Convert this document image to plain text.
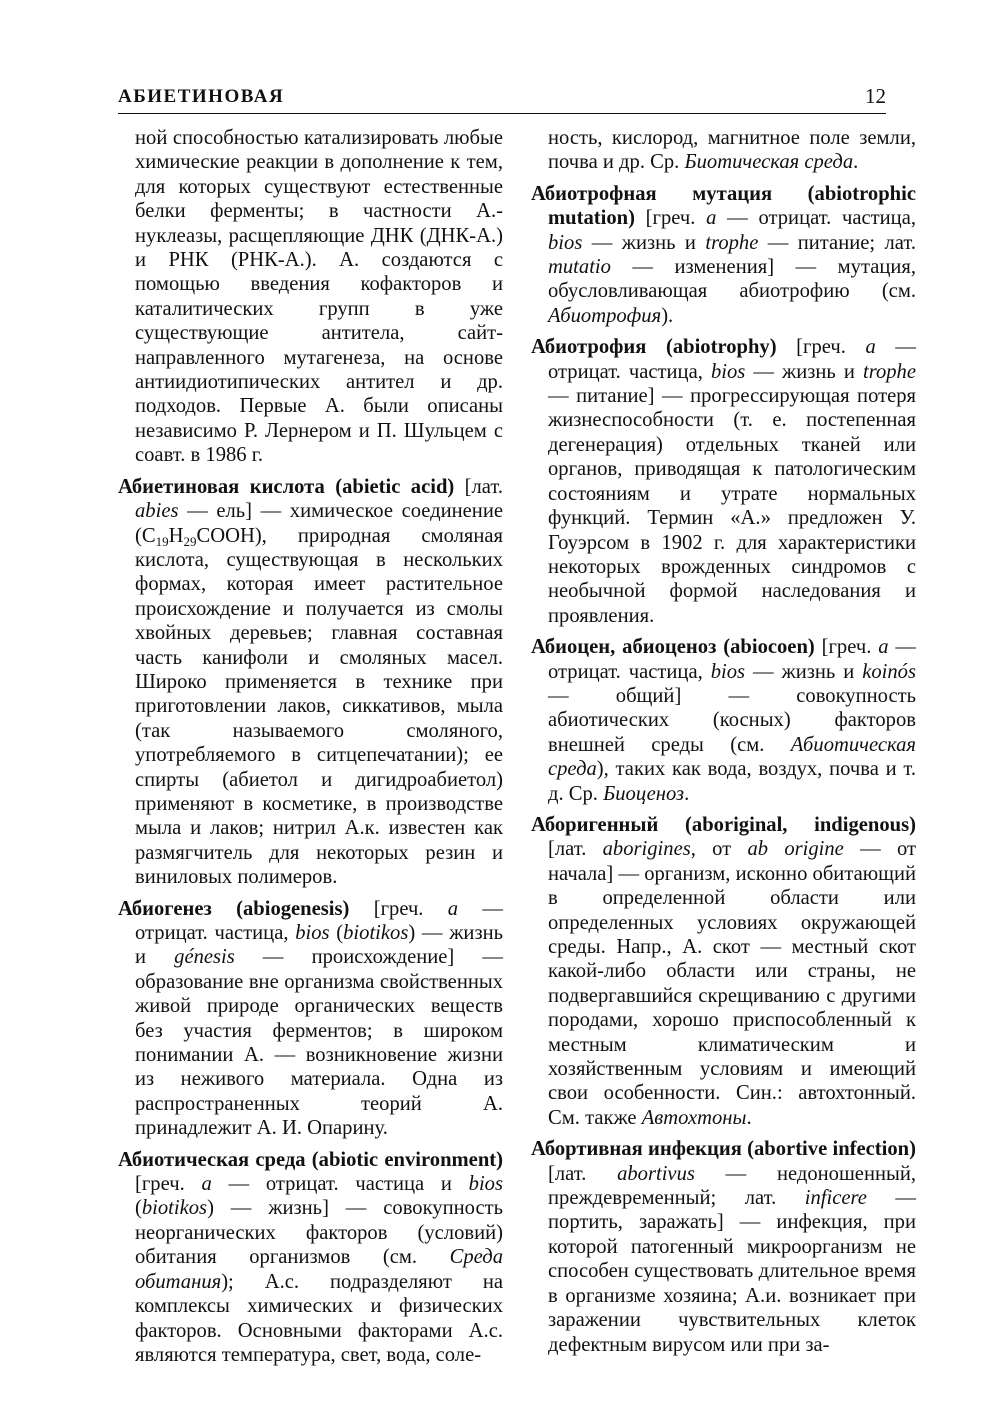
АБИЕТИНОВАЯ	12

ной способностью катализировать любые химические реакции в дополнение к тем, для которых существуют естественные белки ферменты; в частности А.-нуклеазы, расщепляющие ДНК (ДНК-А.) и РНК (РНК-А.). А. создаются с помощью введения кофакторов и каталитических групп в уже существующие антитела, сайт-направленного мутагенеза, на основе антиидиотипических антител и др. подходов. Первые А. были описаны независимо Р. Лернером и П. Шульцем с соавт. в 1986 г.

Абиетиновая кислота (abietic acid) [лат. abies — ель] — химическое соединение $(C_{19}H_{29}COOH)$, природная смоляная кислота, существующая в нескольких формах, которая имеет растительное происхождение и получается из смолы хвойных деревьев; главная составная часть канифоли и смоляных масел. Широко применяется в технике при приготовлении лаков, сиккативов, мыла (так называемого смоляного, употребляемого в ситцепечатании); ее спирты (абиетол и дигидроабиетол) применяют в косметике, в производстве мыла и лаков; нитрил А.к. известен как размягчитель для некоторых резин и виниловых полимеров.

Абиогенез (abiogenesis) [греч. a — отрицат. частица, bios (biotikos) — жизнь и génesis — происхождение] — образование вне организма свойственных живой природе органических веществ без участия ферментов; в широком понимании А. — возникновение жизни из неживого материала. Одна из распространенных теорий А. принадлежит А. И. Опарину.

Абиотическая среда (abiotic environment) [греч. a — отрицат. частица и bios (biotikos) — жизнь] — совокупность неорганических факторов (условий) обитания организмов (см. Среда обитания); А.с. подразделяют на комплексы химических и физических факторов. Основными факторами А.с. являются температура, свет, вода, соле-

ность, кислород, магнитное поле земли, почва и др. Ср. Биотическая среда.

Абиотрофная мутация (abiotrophic mutation) [греч. a — отрицат. частица, bios — жизнь и trophe — питание; лат. mutatio — изменения] — мутация, обусловливающая абиотрофию (см. Абиотрофия).

Абиотрофия (abiotrophy) [греч. a — отрицат. частица, bios — жизнь и trophe — питание] — прогрессирующая потеря жизнеспособности (т. е. постепенная дегенерация) отдельных тканей или органов, приводящая к патологическим состояниям и утрате нормальных функций. Термин «А.» предложен У. Гоуэрсом в 1902 г. для характеристики некоторых врожденных синдромов с необычной формой наследования и проявления.

Абиоцен, абиоценоз (abiocoen) [греч. a — отрицат. частица, bios — жизнь и koinós — общий] — совокупность абиотических (косных) факторов внешней среды (см. Абиотическая среда), таких как вода, воздух, почва и т. д. Ср. Биоценоз.

Аборигенный (aboriginal, indigenous) [лат. aborigines, от ab origine — от начала] — организм, исконно обитающий в определенной области или определенных условиях окружающей среды. Напр., А. скот — местный скот какой-либо области или страны, не подвергавшийся скрещиванию с другими породами, хорошо приспособленный к местным климатическим и хозяйственным условиям и имеющий свои особенности. Син.: автохтонный. См. также Автохтоны.

Абортивная инфекция (abortive infection) [лат. abortivus — недоношенный, преждевременный; лат. inficere — портить, заражать] — инфекция, при которой патогенный микроорганизм не способен существовать длительное время в организме хозяина; А.и. возникает при заражении чувствительных клеток дефектным вирусом или при за-
